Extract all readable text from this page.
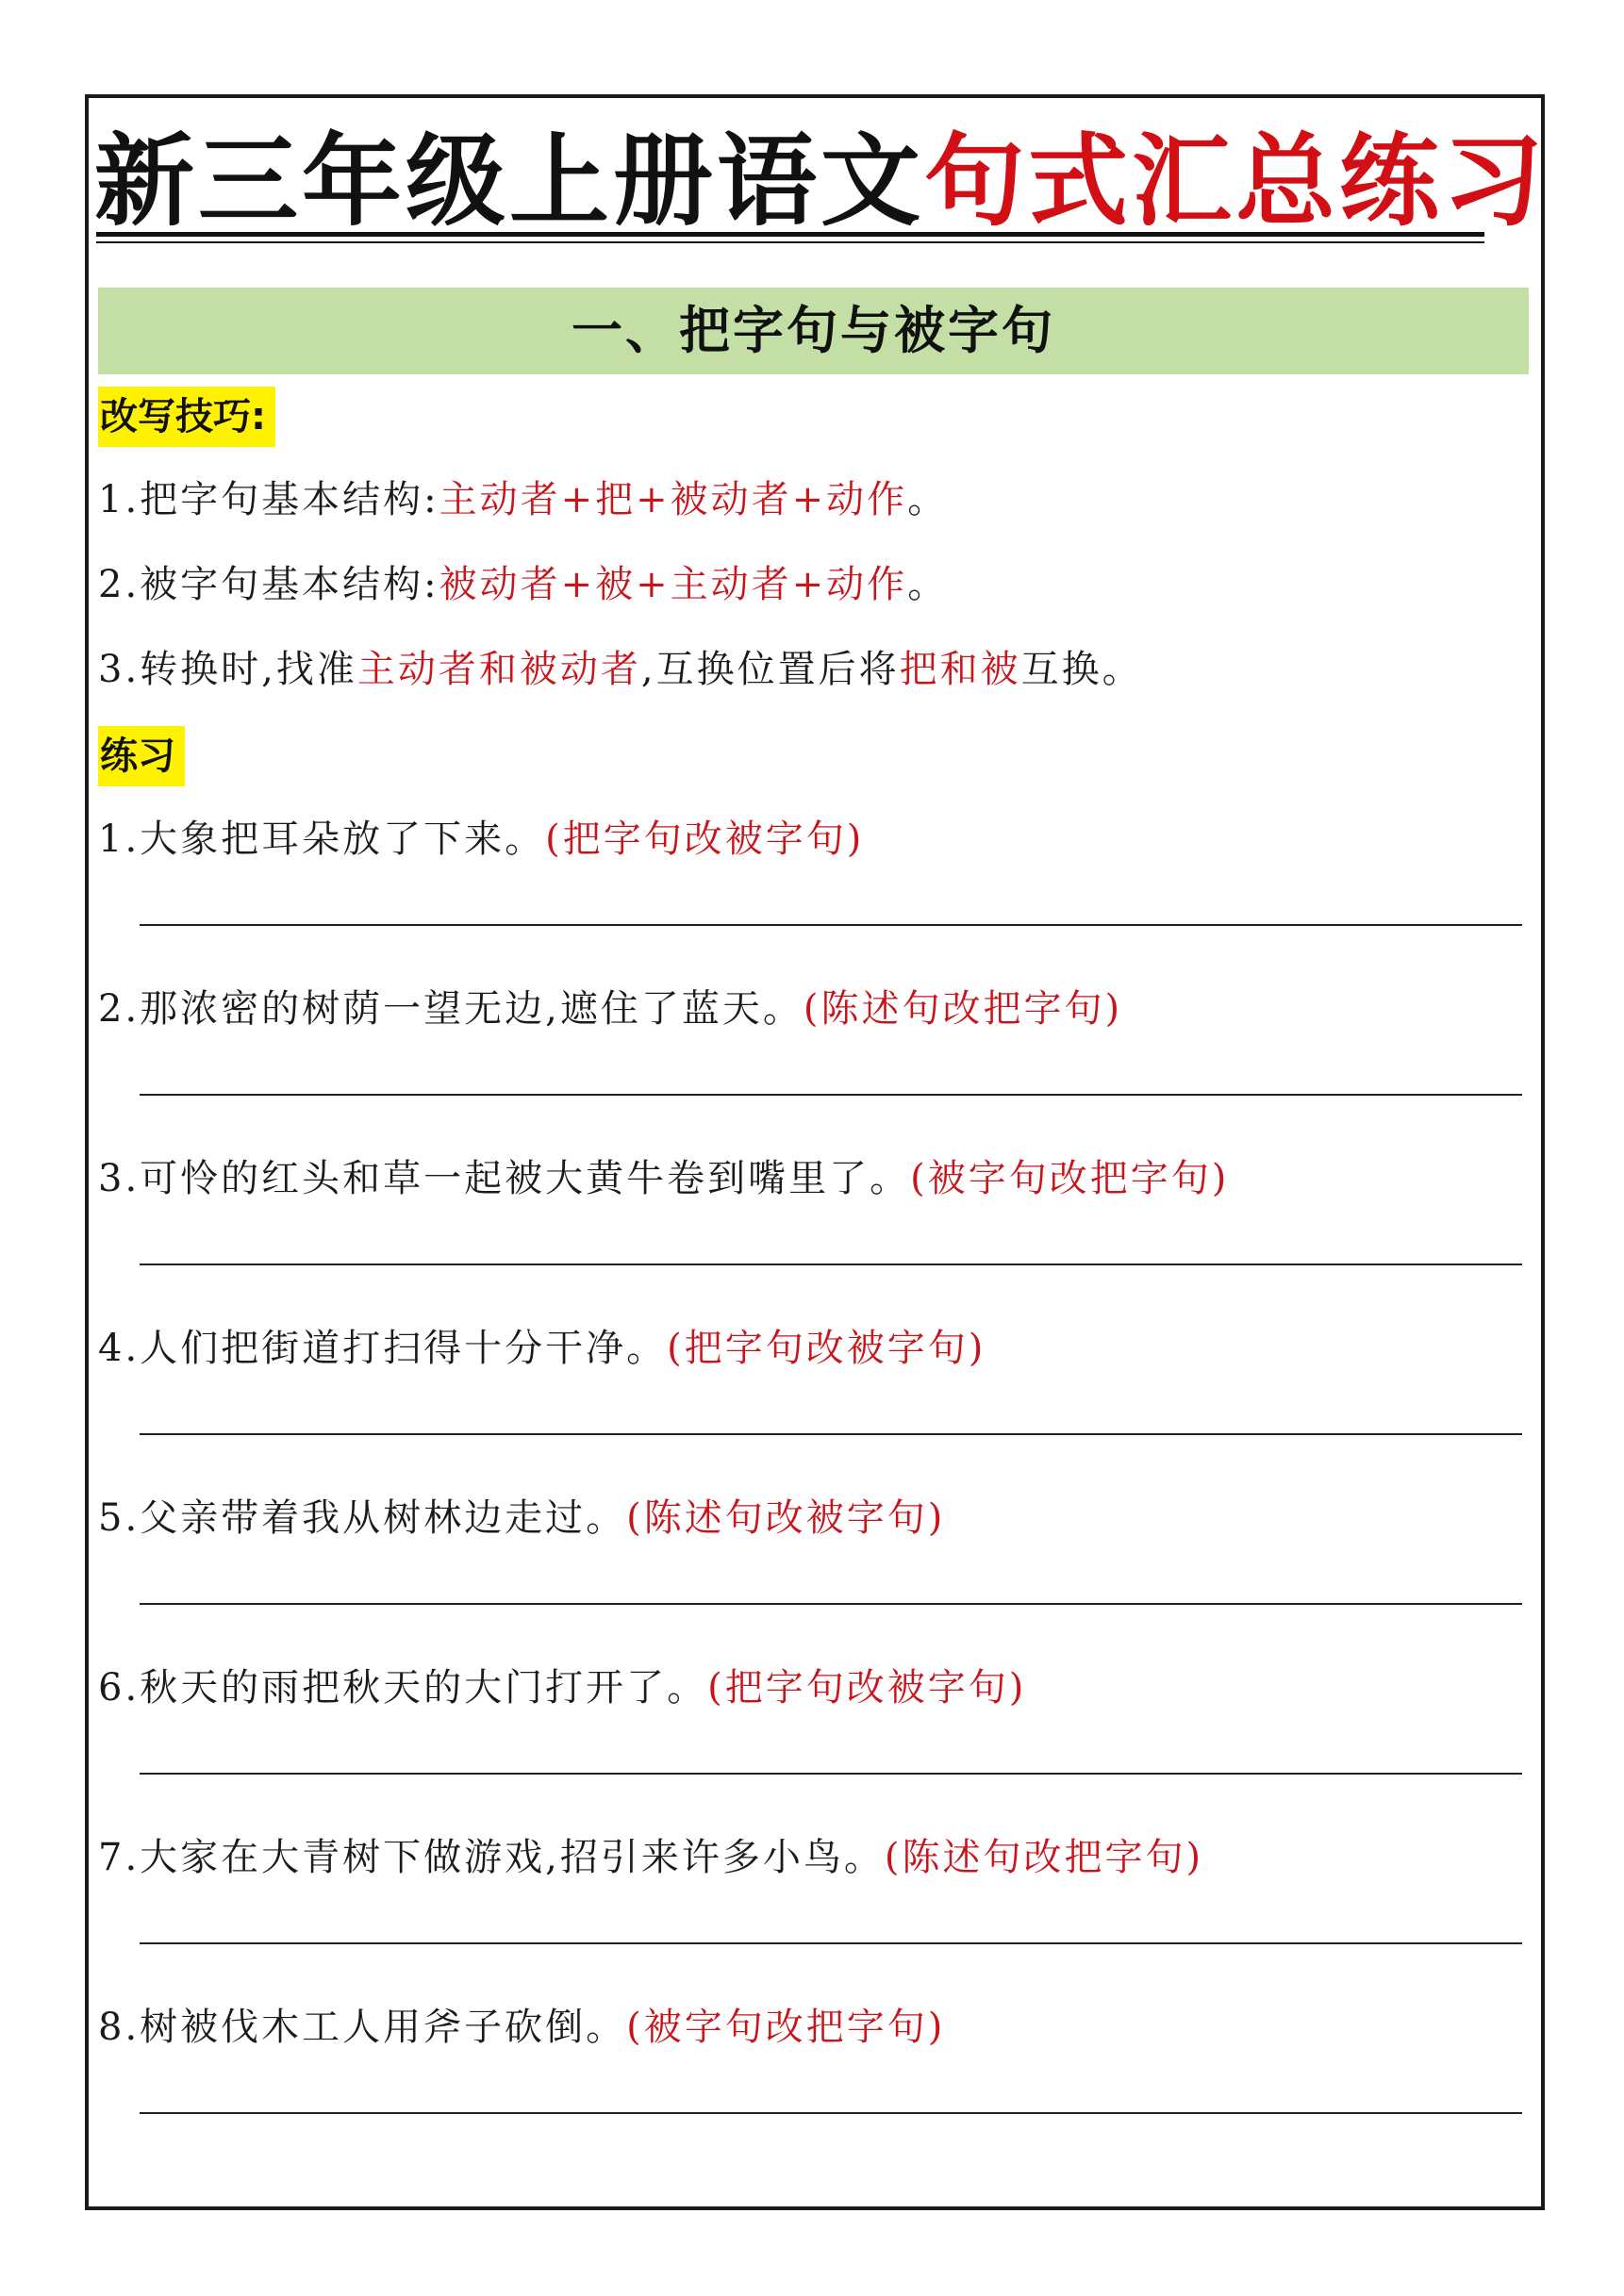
新三年级上册语文句式汇总练习
一、把字句与被字句
改写技巧:
1.把字句基本结构:主动者+把+被动者+动作。
2.被字句基本结构:被动者+被+主动者+动作。
3.转换时,找准主动者和被动者,互换位置后将把和被互换。
练习
1.大象把耳朵放了下来。(把字句改被字句)
2.那浓密的树荫一望无边,遮住了蓝天。(陈述句改把字句)
3.可怜的红头和草一起被大黄牛卷到嘴里了。(被字句改把字句)
4.人们把街道打扫得十分干净。(把字句改被字句)
5.父亲带着我从树林边走过。(陈述句改被字句)
6.秋天的雨把秋天的大门打开了。(把字句改被字句)
7.大家在大青树下做游戏,招引来许多小鸟。(陈述句改把字句)
8.树被伐木工人用斧子砍倒。(被字句改把字句)
